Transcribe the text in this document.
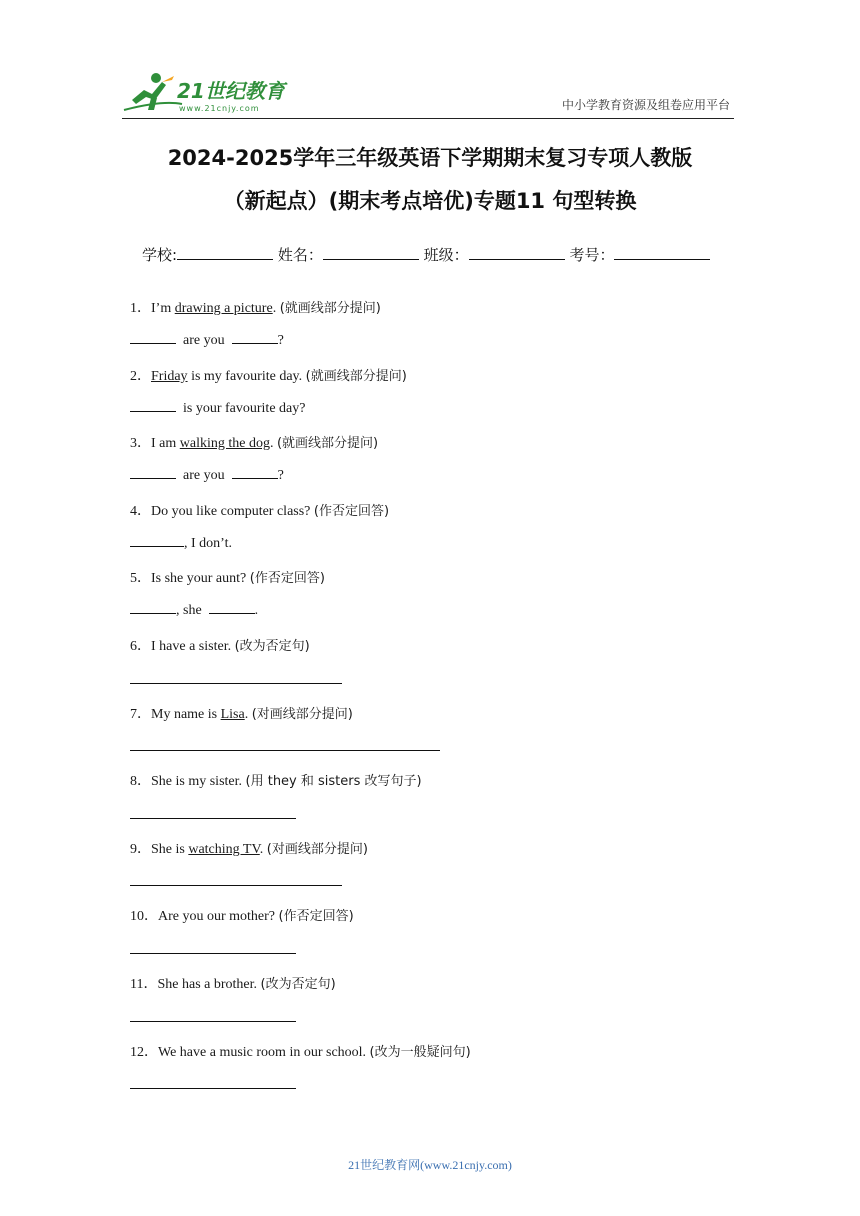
21世纪教育
www.21cnjy.com	中小学教育资源及组卷应用平台
2024-2025学年三年级英语下学期期末复习专项人教版
（新起点）(期末考点培优)专题11 句型转换
学校:	姓名：	班级：	考号：
1．I’m drawing a picture. (就画线部分提问)
are you	?
2．Friday is my favourite day. (就画线部分提问)
is your favourite day?
3．I am walking the dog. (就画线部分提问)
are you	?
4．Do you like computer class? (作否定回答)
, I don’t.
5．Is she your aunt? (作否定回答)
, she	.
6．I have a sister. (改为否定句)
7．My name is Lisa. (对画线部分提问)
8．She is my sister. (用 they 和 sisters 改写句子)
9．She is watching TV. (对画线部分提问)
10．Are you our mother? (作否定回答)
11．She has a brother. (改为否定句)
12．We have a music room in our school. (改为一般疑问句)
21世纪教育网(www.21cnjy.com)
